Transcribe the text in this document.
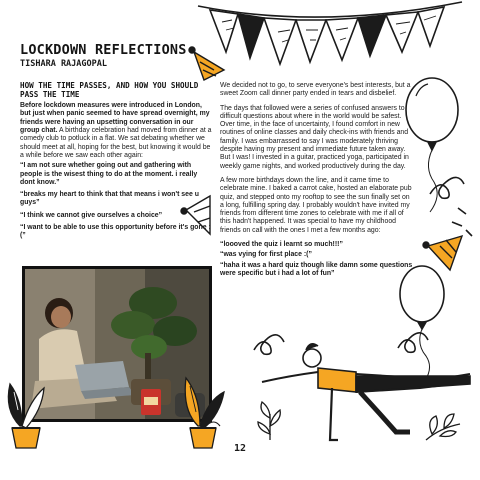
LOCKDOWN REFLECTIONS
TISHARA RAJAGOPAL
HOW THE TIME PASSES, AND HOW YOU SHOULD PASS THE TIME

Before lockdown measures were introduced in London, but just when panic seemed to have spread overnight, my friends were having an upsetting conversation in our group chat. A birthday celebration had moved from dinner at a comedy club to potluck in a flat. We sat debating whether we should meet at all, hoping for the best, but knowing it would be a while before we saw each other again:

“I am not sure whether going out and gathering with people is the wisest thing to do at the moment. i really dont know.”

“breaks my heart to think that that means i won't see u guys”

“I think we cannot give ourselves a choice”

“I want to be able to use this opportunity before it's gone :(”

We decided not to go, to serve everyone's best interests, but a sweet Zoom call dinner party ended in tears and disbelief.

The days that followed were a series of confused answers to difficult questions about where in the world would be safest. Over time, in the face of uncertainty, I found comfort in new routines of online classes and daily check-ins with friends and family. I was embarrassed to say I was moderately thriving despite having my present and immediate future taken away. But I was! I invested in a guitar, practiced yoga, participated in weekly game nights, and worked productively during the day.

A few more birthdays down the line, and it came time to celebrate mine. I baked a carrot cake, hosted an elaborate pub quiz, and stepped onto my rooftop to see the sun finally set on a long, fulfilling spring day. I probably wouldn't have invited my friends from different time zones to celebrate with me if all of this hadn't happened. It was special to have my childhood friends on call with the ones I met a few months ago:

“loooved the quiz i learnt so much!!!”

“was vying for first place :(”

“haha it was a hard quiz though like damn some questions were specific but i had a lot of fun”

12
